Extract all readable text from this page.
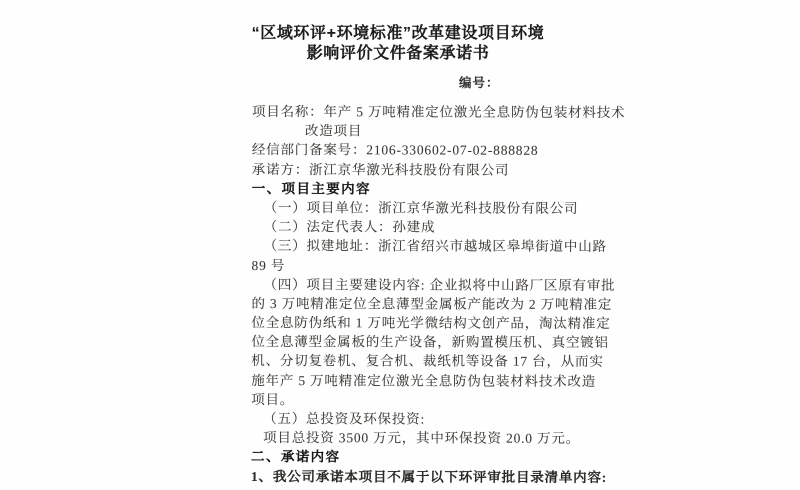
“区域环评+环境标准”改革建设项目环境
影响评价文件备案承诺书
编号：
项目名称：年产 5 万吨精准定位激光全息防伪包装材料技术
改造项目
经信部门备案号：2106-330602-07-02-888828
承诺方：浙江京华激光科技股份有限公司
一、项目主要内容
（一）项目单位：浙江京华激光科技股份有限公司
（二）法定代表人：孙建成
（三）拟建地址：浙江省绍兴市越城区皋埠街道中山路
89 号
（四）项目主要建设内容: 企业拟将中山路厂区原有审批
的 3 万吨精准定位全息薄型金属板产能改为 2 万吨精准定
位全息防伪纸和 1 万吨光学微结构文创产品，淘汰精准定
位全息薄型金属板的生产设备，新购置模压机、真空镀铝
机、分切复卷机、复合机、裁纸机等设备 17 台，从而实
施年产 5 万吨精准定位激光全息防伪包装材料技术改造
项目。
（五）总投资及环保投资:
项目总投资 3500 万元，其中环保投资 20.0 万元。
二、承诺内容
1、我公司承诺本项目不属于以下环评审批目录清单内容:
